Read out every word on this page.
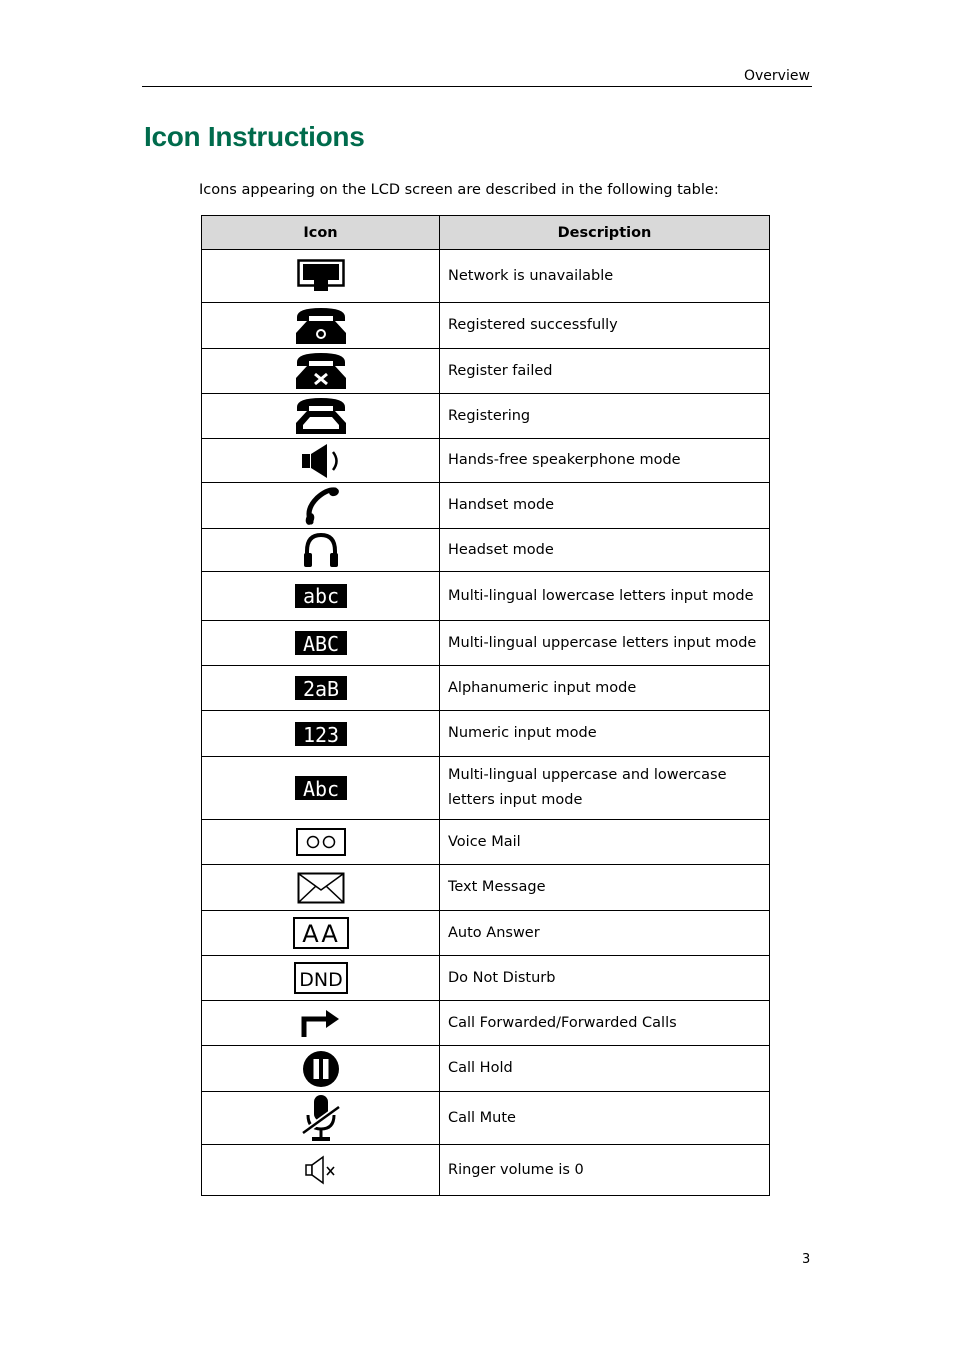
Overview
Icon Instructions

Icons appearing on the LCD screen are described in the following table:

Icon	Description

	Network is unavailable

	Registered successfully

	Register failed

	Registering

	Hands-free speakerphone mode

	Handset mode

	Headset mode

abc	Multi-lingual lowercase letters input mode

ABC	Multi-lingual uppercase letters input mode

2aB	Alphanumeric input mode

123	Numeric input mode

Abc	Multi-lingual uppercase and lowercase letters input mode

	Voice Mail

	Text Message

AA	Auto Answer

DND	Do Not Disturb

	Call Forwarded/Forwarded Calls

	Call Hold

	Call Mute

	Ringer volume is 0
3
